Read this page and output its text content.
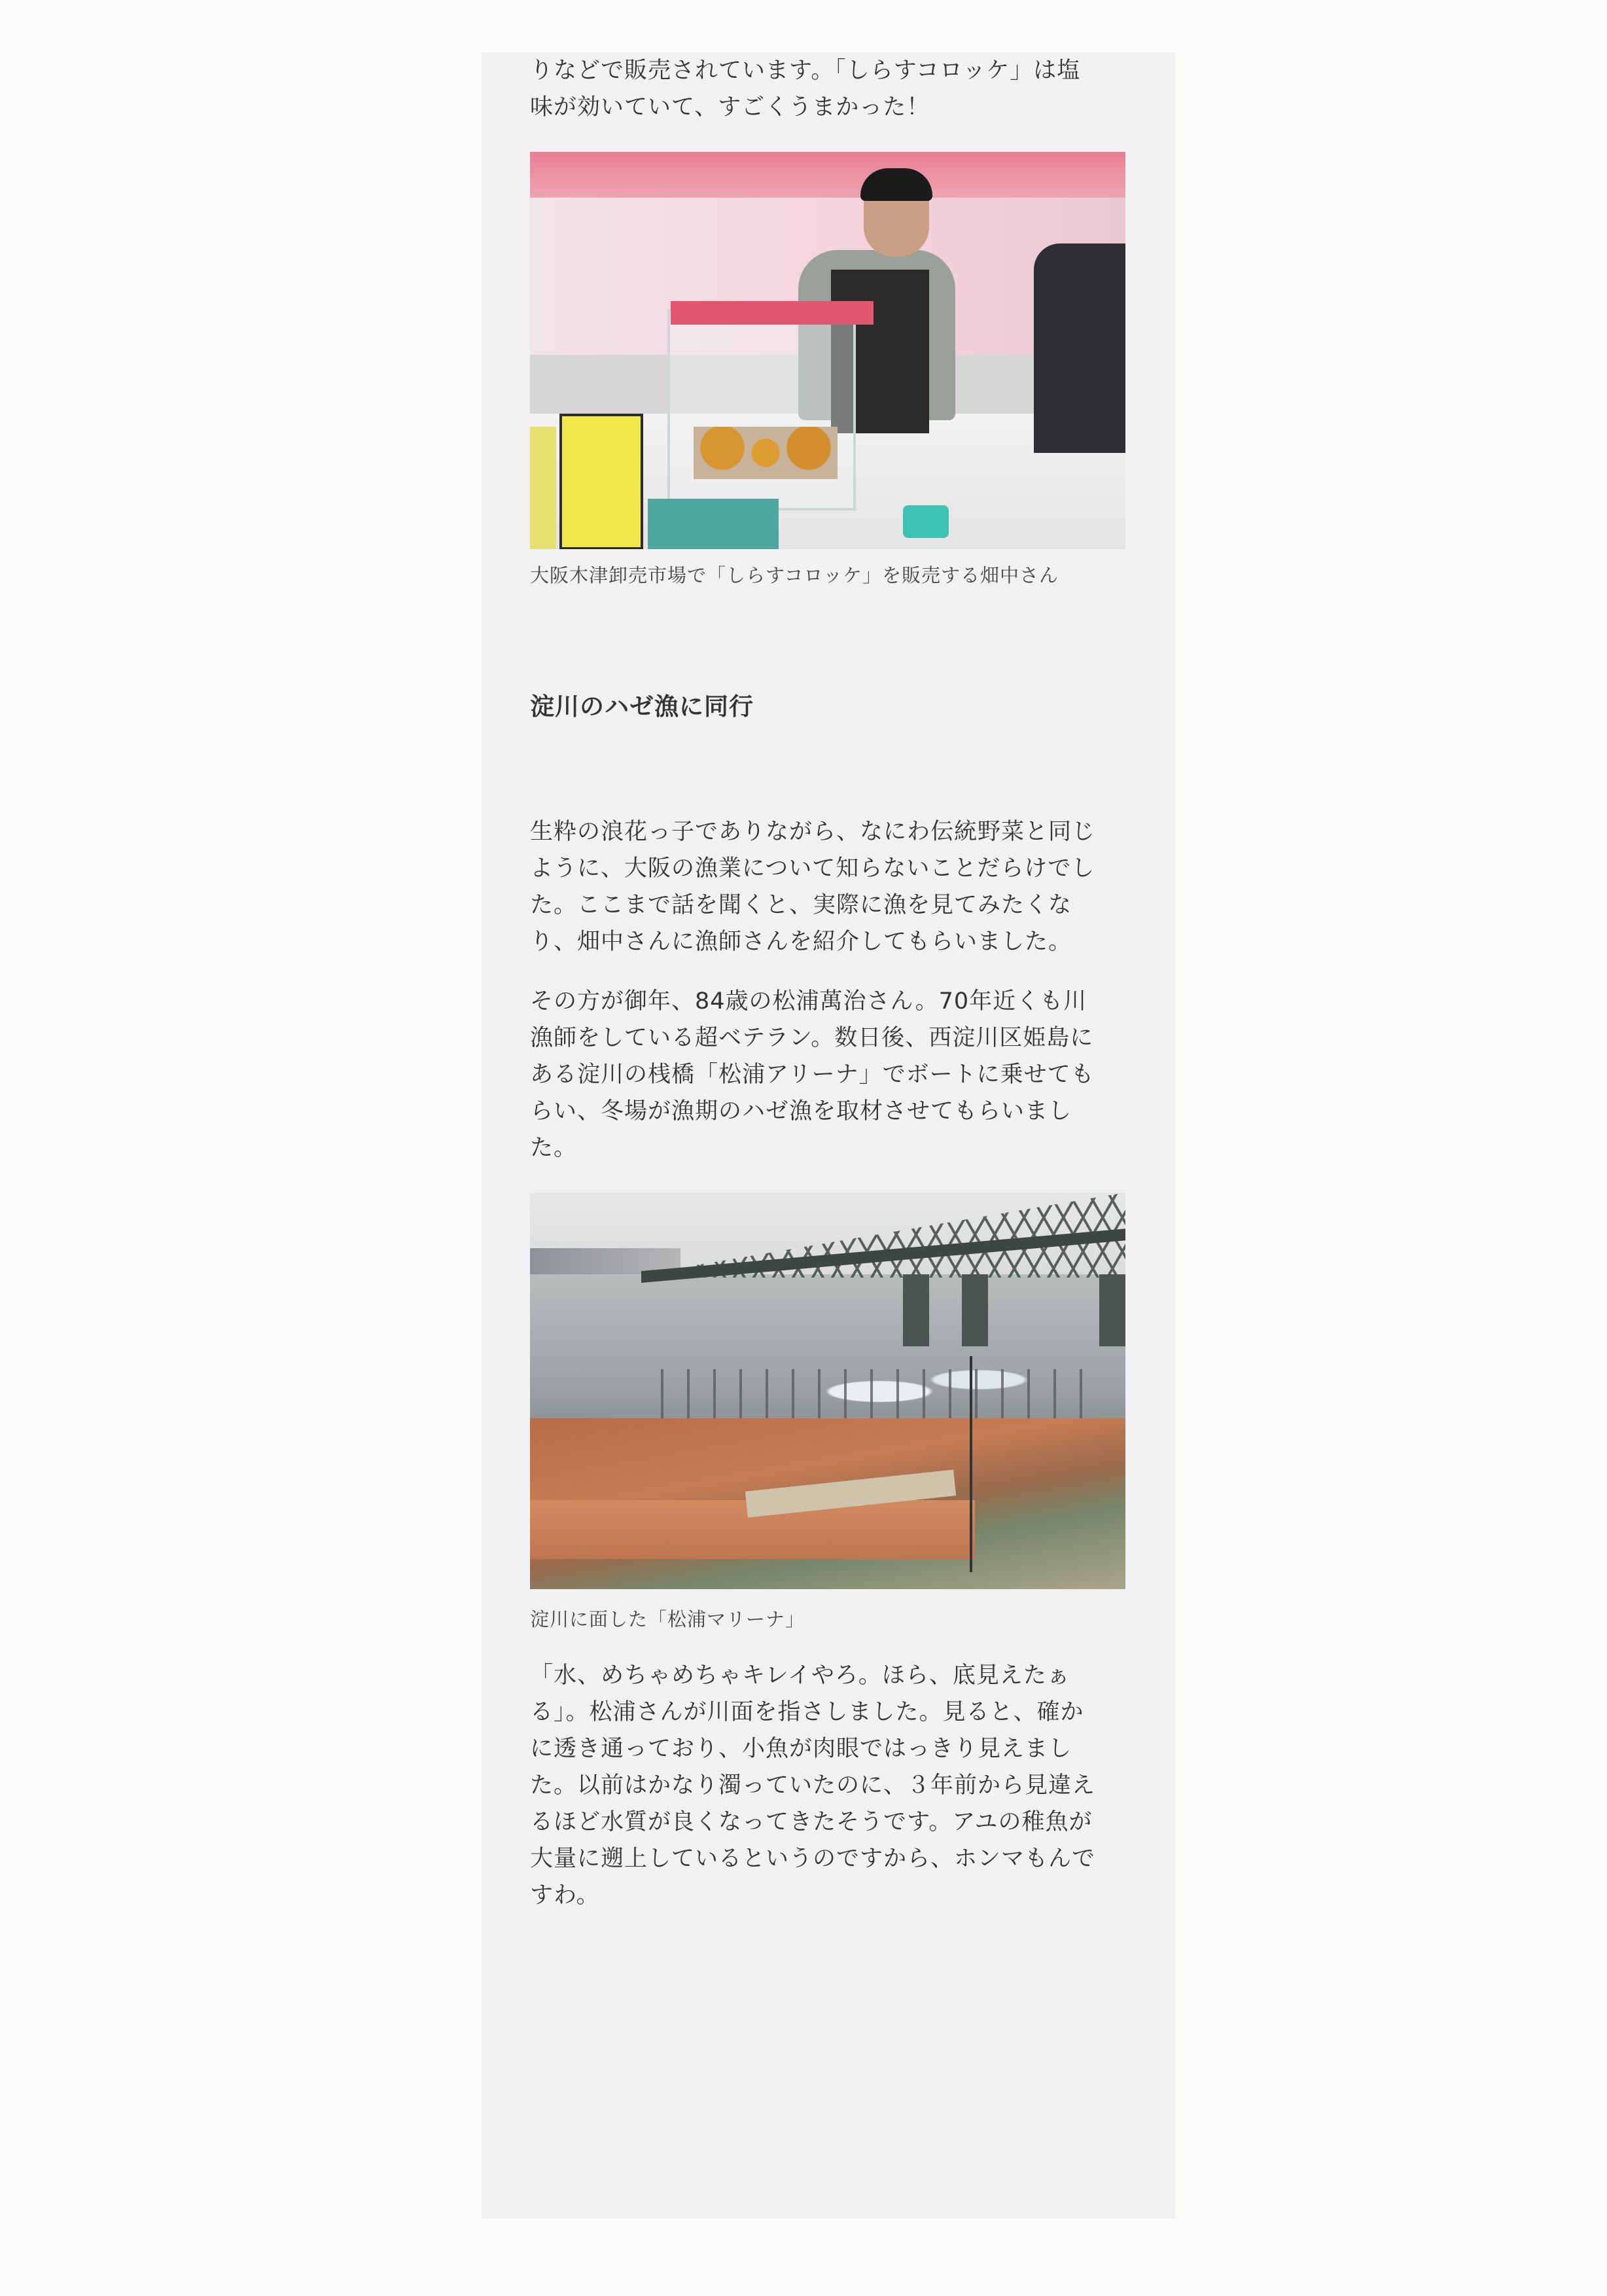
りなどで販売されています。「しらすコロッケ」は塩
味が効いていて、すごくうまかった！

大阪木津卸売市場で「しらすコロッケ」を販売する畑中さん

淀川のハゼ漁に同行

生粋の浪花っ子でありながら、なにわ伝統野菜と同じ
ように、大阪の漁業について知らないことだらけでし
た。ここまで話を聞くと、実際に漁を見てみたくな
り、畑中さんに漁師さんを紹介してもらいました。

その方が御年、84歳の松浦萬治さん。70年近くも川
漁師をしている超ベテラン。数日後、西淀川区姫島に
ある淀川の桟橋「松浦アリーナ」でボートに乗せても
らい、冬場が漁期のハゼ漁を取材させてもらいまし
た。

淀川に面した「松浦マリーナ」

「水、めちゃめちゃキレイやろ。ほら、底見えたぁ
る」。松浦さんが川面を指さしました。見ると、確か
に透き通っており、小魚が肉眼ではっきり見えまし
た。以前はかなり濁っていたのに、３年前から見違え
るほど水質が良くなってきたそうです。アユの稚魚が
大量に遡上しているというのですから、ホンマもんで
すわ。
